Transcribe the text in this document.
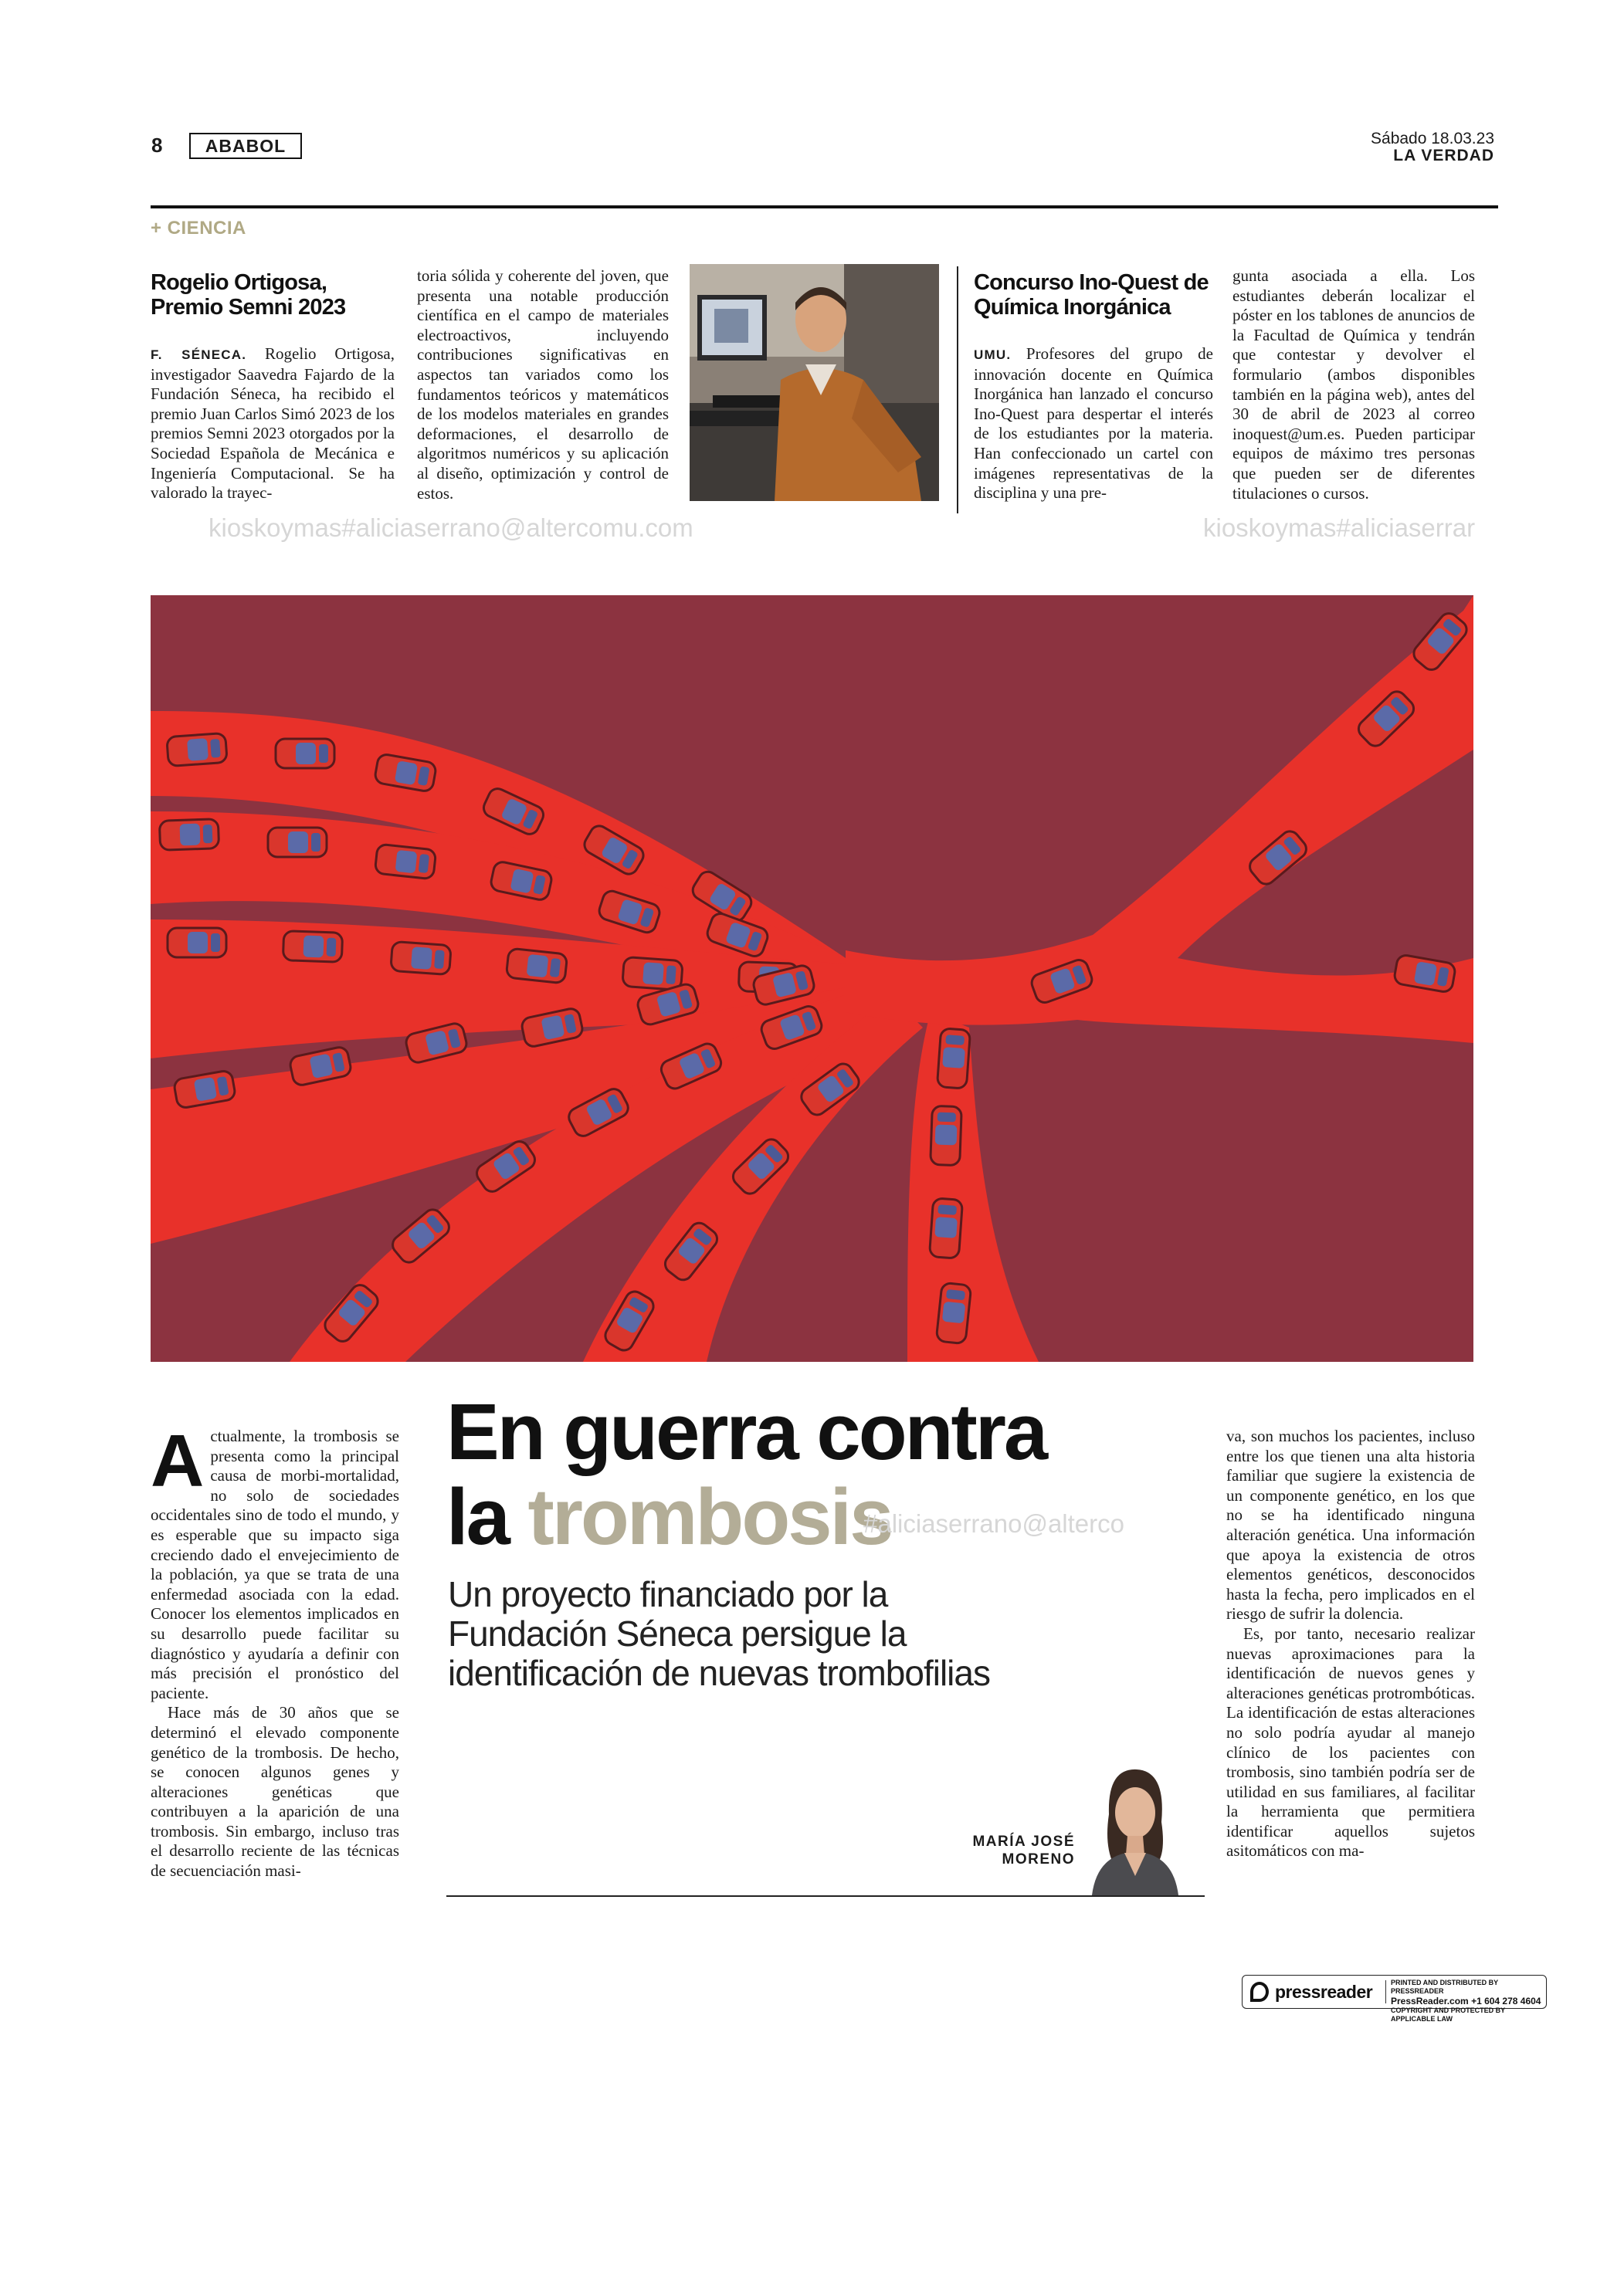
8	ABABOL	Sábado 18.03.23
LA VERDAD
+ CIENCIA
Rogelio Ortigosa, Premio Semni 2023
F. SÉNECA. Rogelio Ortigosa, investigador Saavedra Fajardo de la Fundación Séneca, ha recibido el premio Juan Carlos Simó 2023 de los premios Semni 2023 otorgados por la Sociedad Española de Mecánica e Ingeniería Computacional. Se ha valorado la trayec-
toria sólida y coherente del joven, que presenta una notable producción científica en el campo de materiales electroactivos, incluyendo contribuciones significativas en aspectos tan variados como los fundamentos teóricos y matemáticos de los modelos materiales en grandes deformaciones, el desarrollo de algoritmos numéricos y su aplicación al diseño, optimización y control de estos.
Concurso Ino-Quest de Química Inorgánica
UMU. Profesores del grupo de innovación docente en Química Inorgánica han lanzado el concurso Ino-Quest para despertar el interés de los estudiantes por la materia. Han confeccionado un cartel con imágenes representativas de la disciplina y una pre-
gunta asociada a ella. Los estudiantes deberán localizar el póster en los tablones de anuncios de la Facultad de Química y tendrán que contestar y devolver el formulario (ambos disponibles también en la página web), antes del 30 de abril de 2023 al correo inoquest@um.es. Pueden participar equipos de máximo tres personas que pueden ser de diferentes titulaciones o cursos.
kioskoymas#aliciaserrano@altercomu.com	kioskoymas#aliciaserrar

Actualmente, la trombosis se presenta como la principal causa de morbi-mortalidad, no solo de sociedades occidentales sino de todo el mundo, y es esperable que su impacto siga creciendo dado el envejecimiento de la población, ya que se trata de una enfermedad asociada con la edad. Conocer los elementos implicados en su desarrollo puede facilitar su diagnóstico y ayudaría a definir con más precisión el pronóstico del paciente.

Hace más de 30 años que se determinó el elevado componente genético de la trombosis. De hecho, se conocen algunos genes y alteraciones genéticas que contribuyen a la aparición de una trombosis. Sin embargo, incluso tras el desarrollo reciente de las técnicas de secuenciación masi-

En guerra contra
la trombosis
#aliciaserrano@alterco
Un proyecto financiado por la Fundación Séneca persigue la identificación de nuevas trombofilias
MARÍA JOSÉ
MORENO

va, son muchos los pacientes, incluso entre los que tienen una alta historia familiar que sugiere la existencia de un componente genético, en los que no se ha identificado ninguna alteración genética. Una información que apoya la existencia de otros elementos genéticos, desconocidos hasta la fecha, pero implicados en el riesgo de sufrir la dolencia.

Es, por tanto, necesario realizar nuevas aproximaciones para la identificación de nuevos genes y alteraciones genéticas protrombóticas. La identificación de estas alteraciones no solo podría ayudar al manejo clínico de los pacientes con trombosis, sino también podría ser de utilidad en sus familiares, al facilitar la herramienta que permitiera identificar aquellos sujetos asitomáticos con ma-

pressreader	PRINTED AND DISTRIBUTED BY PRESSREADER
PressReader.com +1 604 278 4604
COPYRIGHT AND PROTECTED BY APPLICABLE LAW
